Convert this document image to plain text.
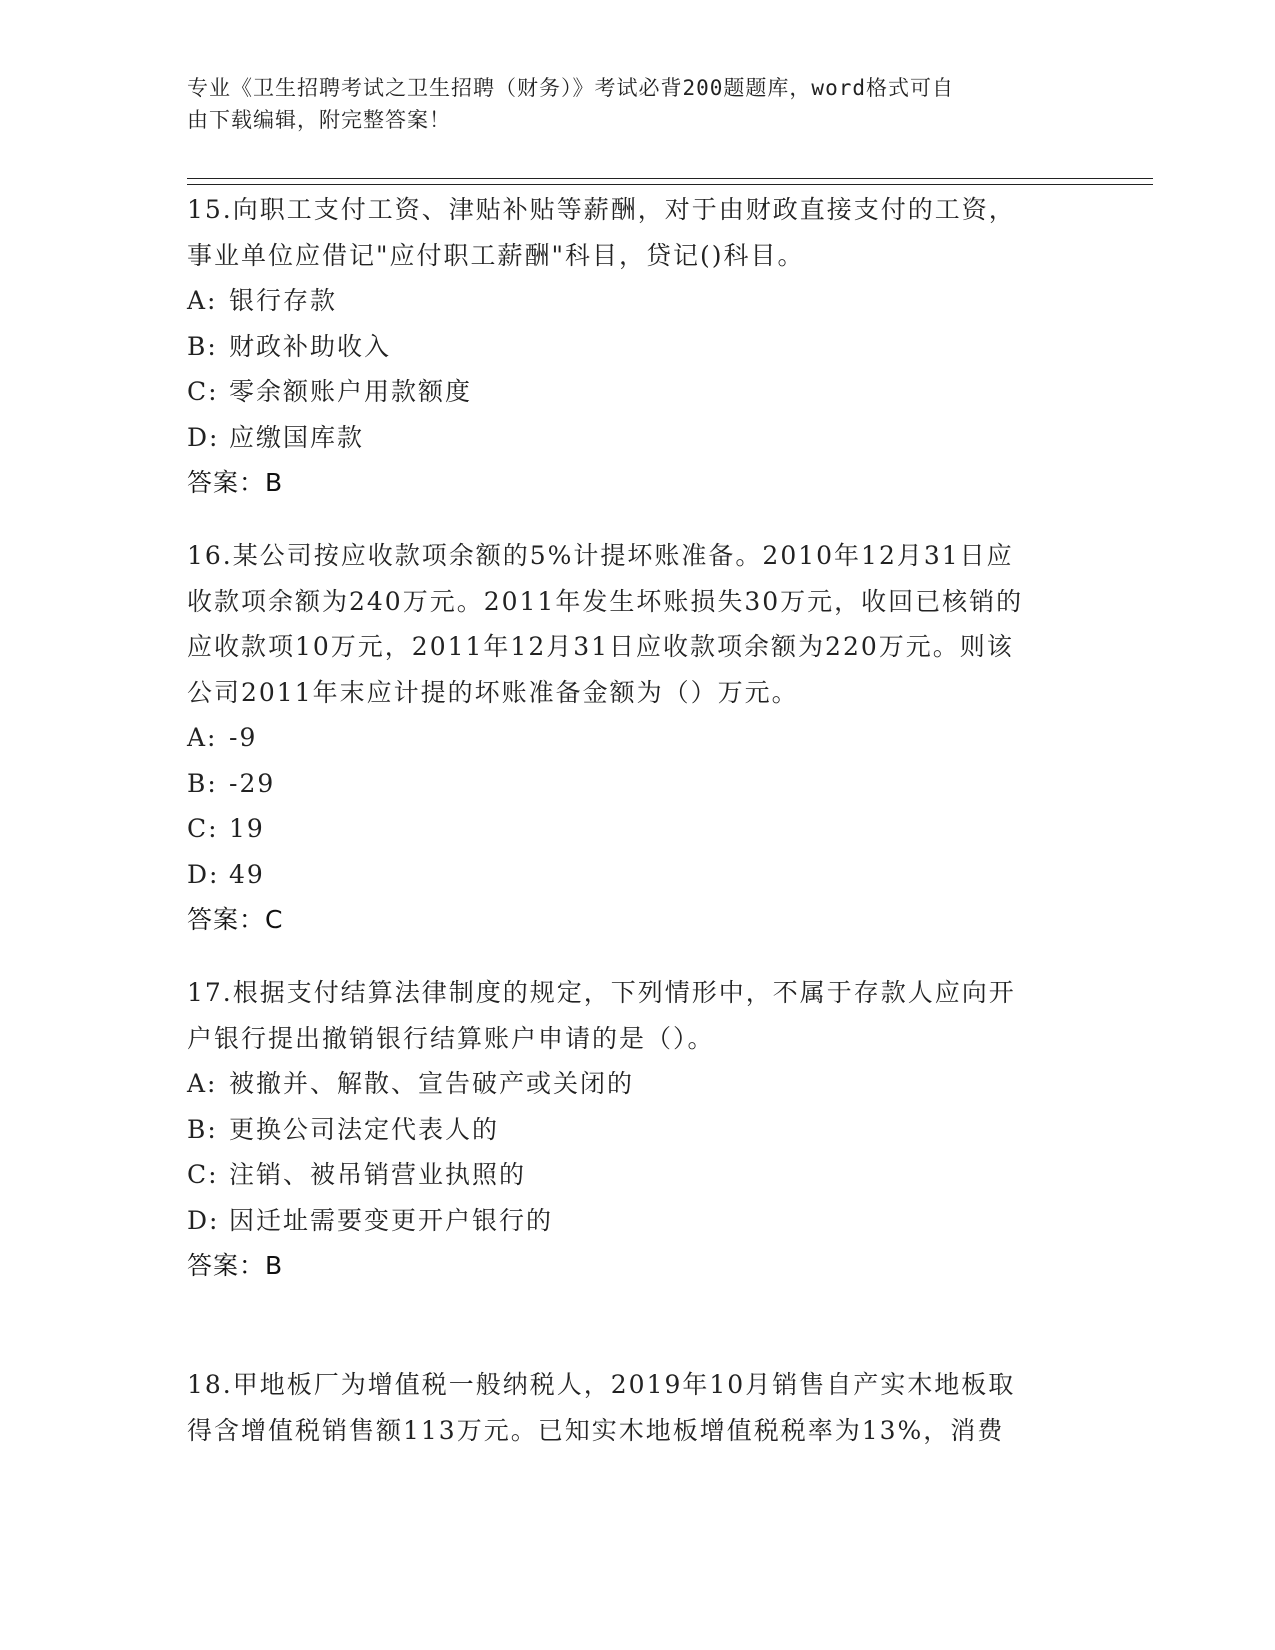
专业《卫生招聘考试之卫生招聘（财务）》考试必背200题题库，word格式可自
由下载编辑，附完整答案！
15.向职工支付工资、津贴补贴等薪酬，对于由财政直接支付的工资，
事业单位应借记"应付职工薪酬"科目，贷记()科目。
A: 银行存款
B: 财政补助收入
C: 零余额账户用款额度
D: 应缴国库款
答案：B
16.某公司按应收款项余额的5%计提坏账准备。2010年12月31日应
收款项余额为240万元。2011年发生坏账损失30万元，收回已核销的
应收款项10万元，2011年12月31日应收款项余额为220万元。则该
公司2011年末应计提的坏账准备金额为（）万元。
A: -9
B: -29
C: 19
D: 49
答案：C
17.根据支付结算法律制度的规定，下列情形中，不属于存款人应向开
户银行提出撤销银行结算账户申请的是（）。
A: 被撤并、解散、宣告破产或关闭的
B: 更换公司法定代表人的
C: 注销、被吊销营业执照的
D: 因迁址需要变更开户银行的
答案：B
18.甲地板厂为增值税一般纳税人，2019年10月销售自产实木地板取
得含增值税销售额113万元。已知实木地板增值税税率为13%，消费
